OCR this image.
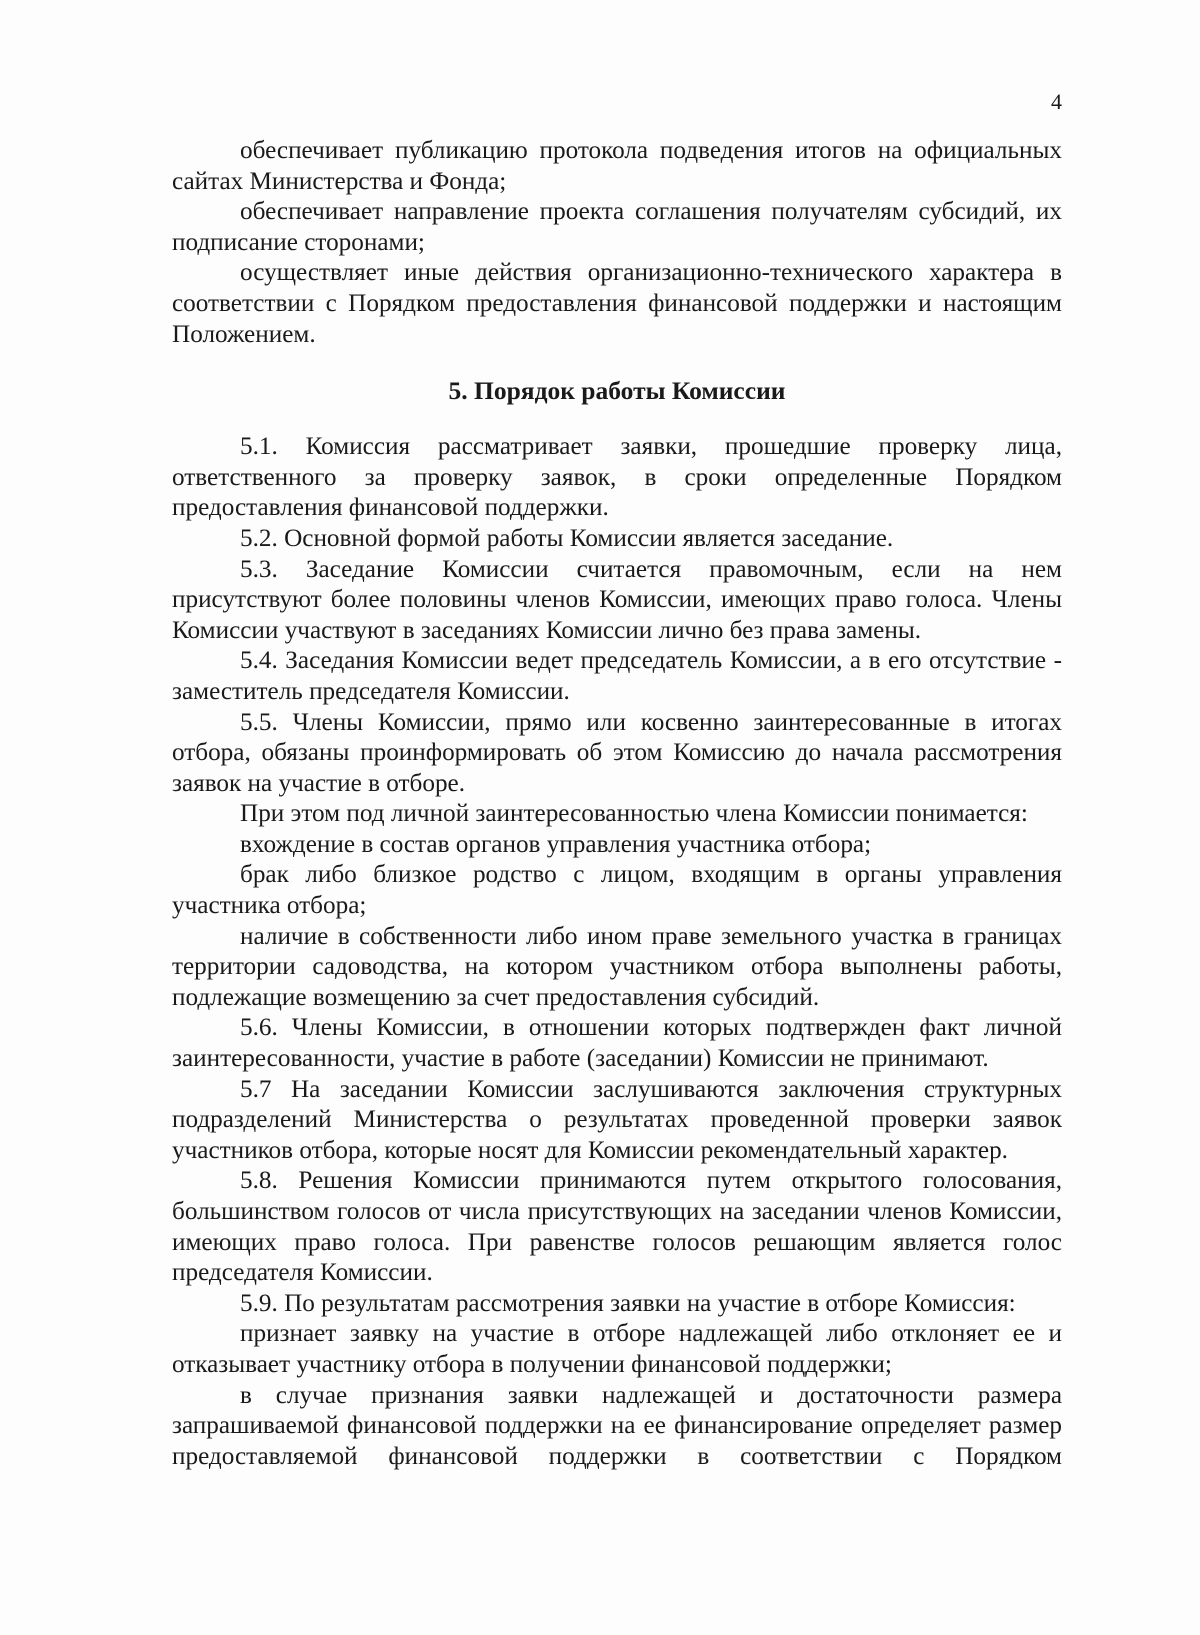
4

обеспечивает публикацию протокола подведения итогов на официальных сайтах Министерства и Фонда;

обеспечивает направление проекта соглашения получателям субсидий, их подписание сторонами;

осуществляет иные действия организационно-технического характера в соответствии с Порядком предоставления финансовой поддержки и настоящим Положением.

5. Порядок работы Комиссии

5.1. Комиссия рассматривает заявки, прошедшие проверку лица, ответственного за проверку заявок, в сроки определенные Порядком предоставления финансовой поддержки.

5.2. Основной формой работы Комиссии является заседание.

5.3. Заседание Комиссии считается правомочным, если на нем присутствуют более половины членов Комиссии, имеющих право голоса. Члены Комиссии участвуют в заседаниях Комиссии лично без права замены.

5.4. Заседания Комиссии ведет председатель Комиссии, а в его отсутствие - заместитель председателя Комиссии.

5.5. Члены Комиссии, прямо или косвенно заинтересованные в итогах отбора, обязаны проинформировать об этом Комиссию до начала рассмотрения заявок на участие в отборе.

При этом под личной заинтересованностью члена Комиссии понимается:

вхождение в состав органов управления участника отбора;

брак либо близкое родство с лицом, входящим в органы управления участника отбора;

наличие в собственности либо ином праве земельного участка в границах территории садоводства, на котором участником отбора выполнены работы, подлежащие возмещению за счет предоставления субсидий.

5.6. Члены Комиссии, в отношении которых подтвержден факт личной заинтересованности, участие в работе (заседании) Комиссии не принимают.

5.7 На заседании Комиссии заслушиваются заключения структурных подразделений Министерства о результатах проведенной проверки заявок участников отбора, которые носят для Комиссии рекомендательный характер.

5.8. Решения Комиссии принимаются путем открытого голосования, большинством голосов от числа присутствующих на заседании членов Комиссии, имеющих право голоса. При равенстве голосов решающим является голос председателя Комиссии.

5.9. По результатам рассмотрения заявки на участие в отборе Комиссия:

признает заявку на участие в отборе надлежащей либо отклоняет ее и отказывает участнику отбора в получении финансовой поддержки;

в случае признания заявки надлежащей и достаточности размера запрашиваемой финансовой поддержки на ее финансирование определяет размер предоставляемой финансовой поддержки в соответствии с Порядком
